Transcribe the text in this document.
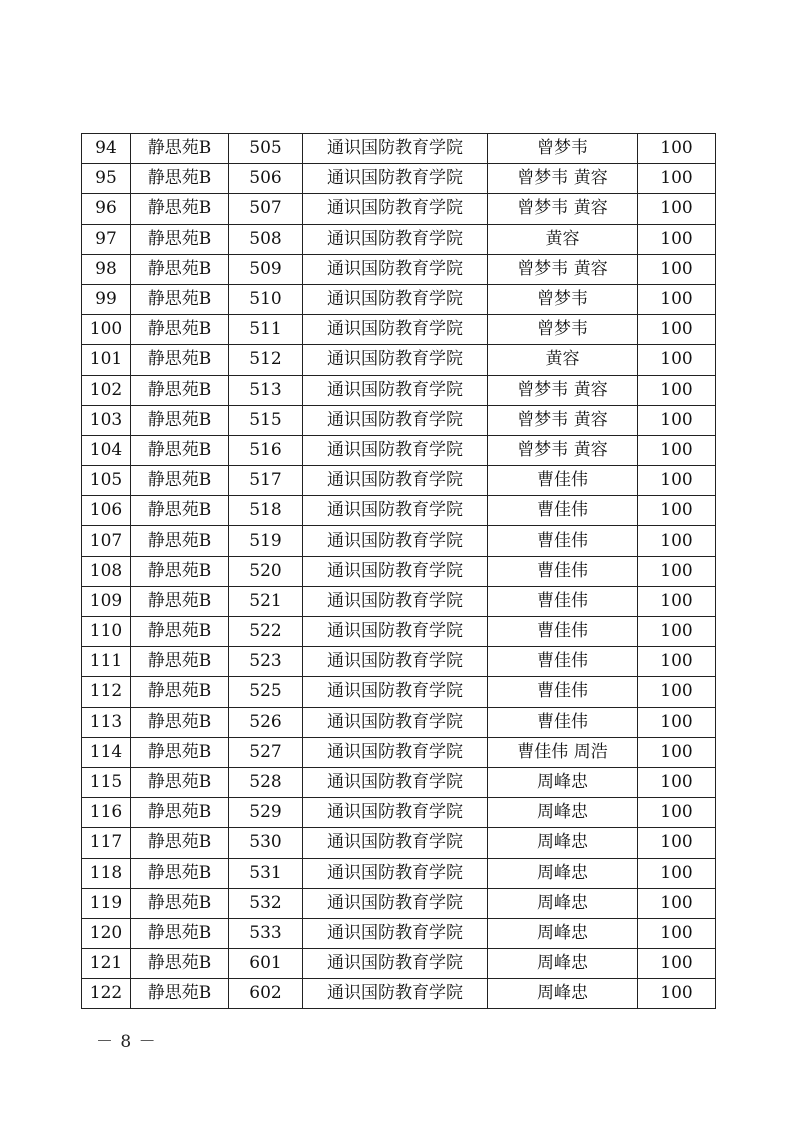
94	静思苑B	505	通识国防教育学院	曾梦韦	100
95	静思苑B	506	通识国防教育学院	曾梦韦 黄容	100
96	静思苑B	507	通识国防教育学院	曾梦韦 黄容	100
97	静思苑B	508	通识国防教育学院	黄容	100
98	静思苑B	509	通识国防教育学院	曾梦韦 黄容	100
99	静思苑B	510	通识国防教育学院	曾梦韦	100
100	静思苑B	511	通识国防教育学院	曾梦韦	100
101	静思苑B	512	通识国防教育学院	黄容	100
102	静思苑B	513	通识国防教育学院	曾梦韦 黄容	100
103	静思苑B	515	通识国防教育学院	曾梦韦 黄容	100
104	静思苑B	516	通识国防教育学院	曾梦韦 黄容	100
105	静思苑B	517	通识国防教育学院	曹佳伟	100
106	静思苑B	518	通识国防教育学院	曹佳伟	100
107	静思苑B	519	通识国防教育学院	曹佳伟	100
108	静思苑B	520	通识国防教育学院	曹佳伟	100
109	静思苑B	521	通识国防教育学院	曹佳伟	100
110	静思苑B	522	通识国防教育学院	曹佳伟	100
111	静思苑B	523	通识国防教育学院	曹佳伟	100
112	静思苑B	525	通识国防教育学院	曹佳伟	100
113	静思苑B	526	通识国防教育学院	曹佳伟	100
114	静思苑B	527	通识国防教育学院	曹佳伟 周浩	100
115	静思苑B	528	通识国防教育学院	周峰忠	100
116	静思苑B	529	通识国防教育学院	周峰忠	100
117	静思苑B	530	通识国防教育学院	周峰忠	100
118	静思苑B	531	通识国防教育学院	周峰忠	100
119	静思苑B	532	通识国防教育学院	周峰忠	100
120	静思苑B	533	通识国防教育学院	周峰忠	100
121	静思苑B	601	通识国防教育学院	周峰忠	100
122	静思苑B	602	通识国防教育学院	周峰忠	100
－ 8 －
